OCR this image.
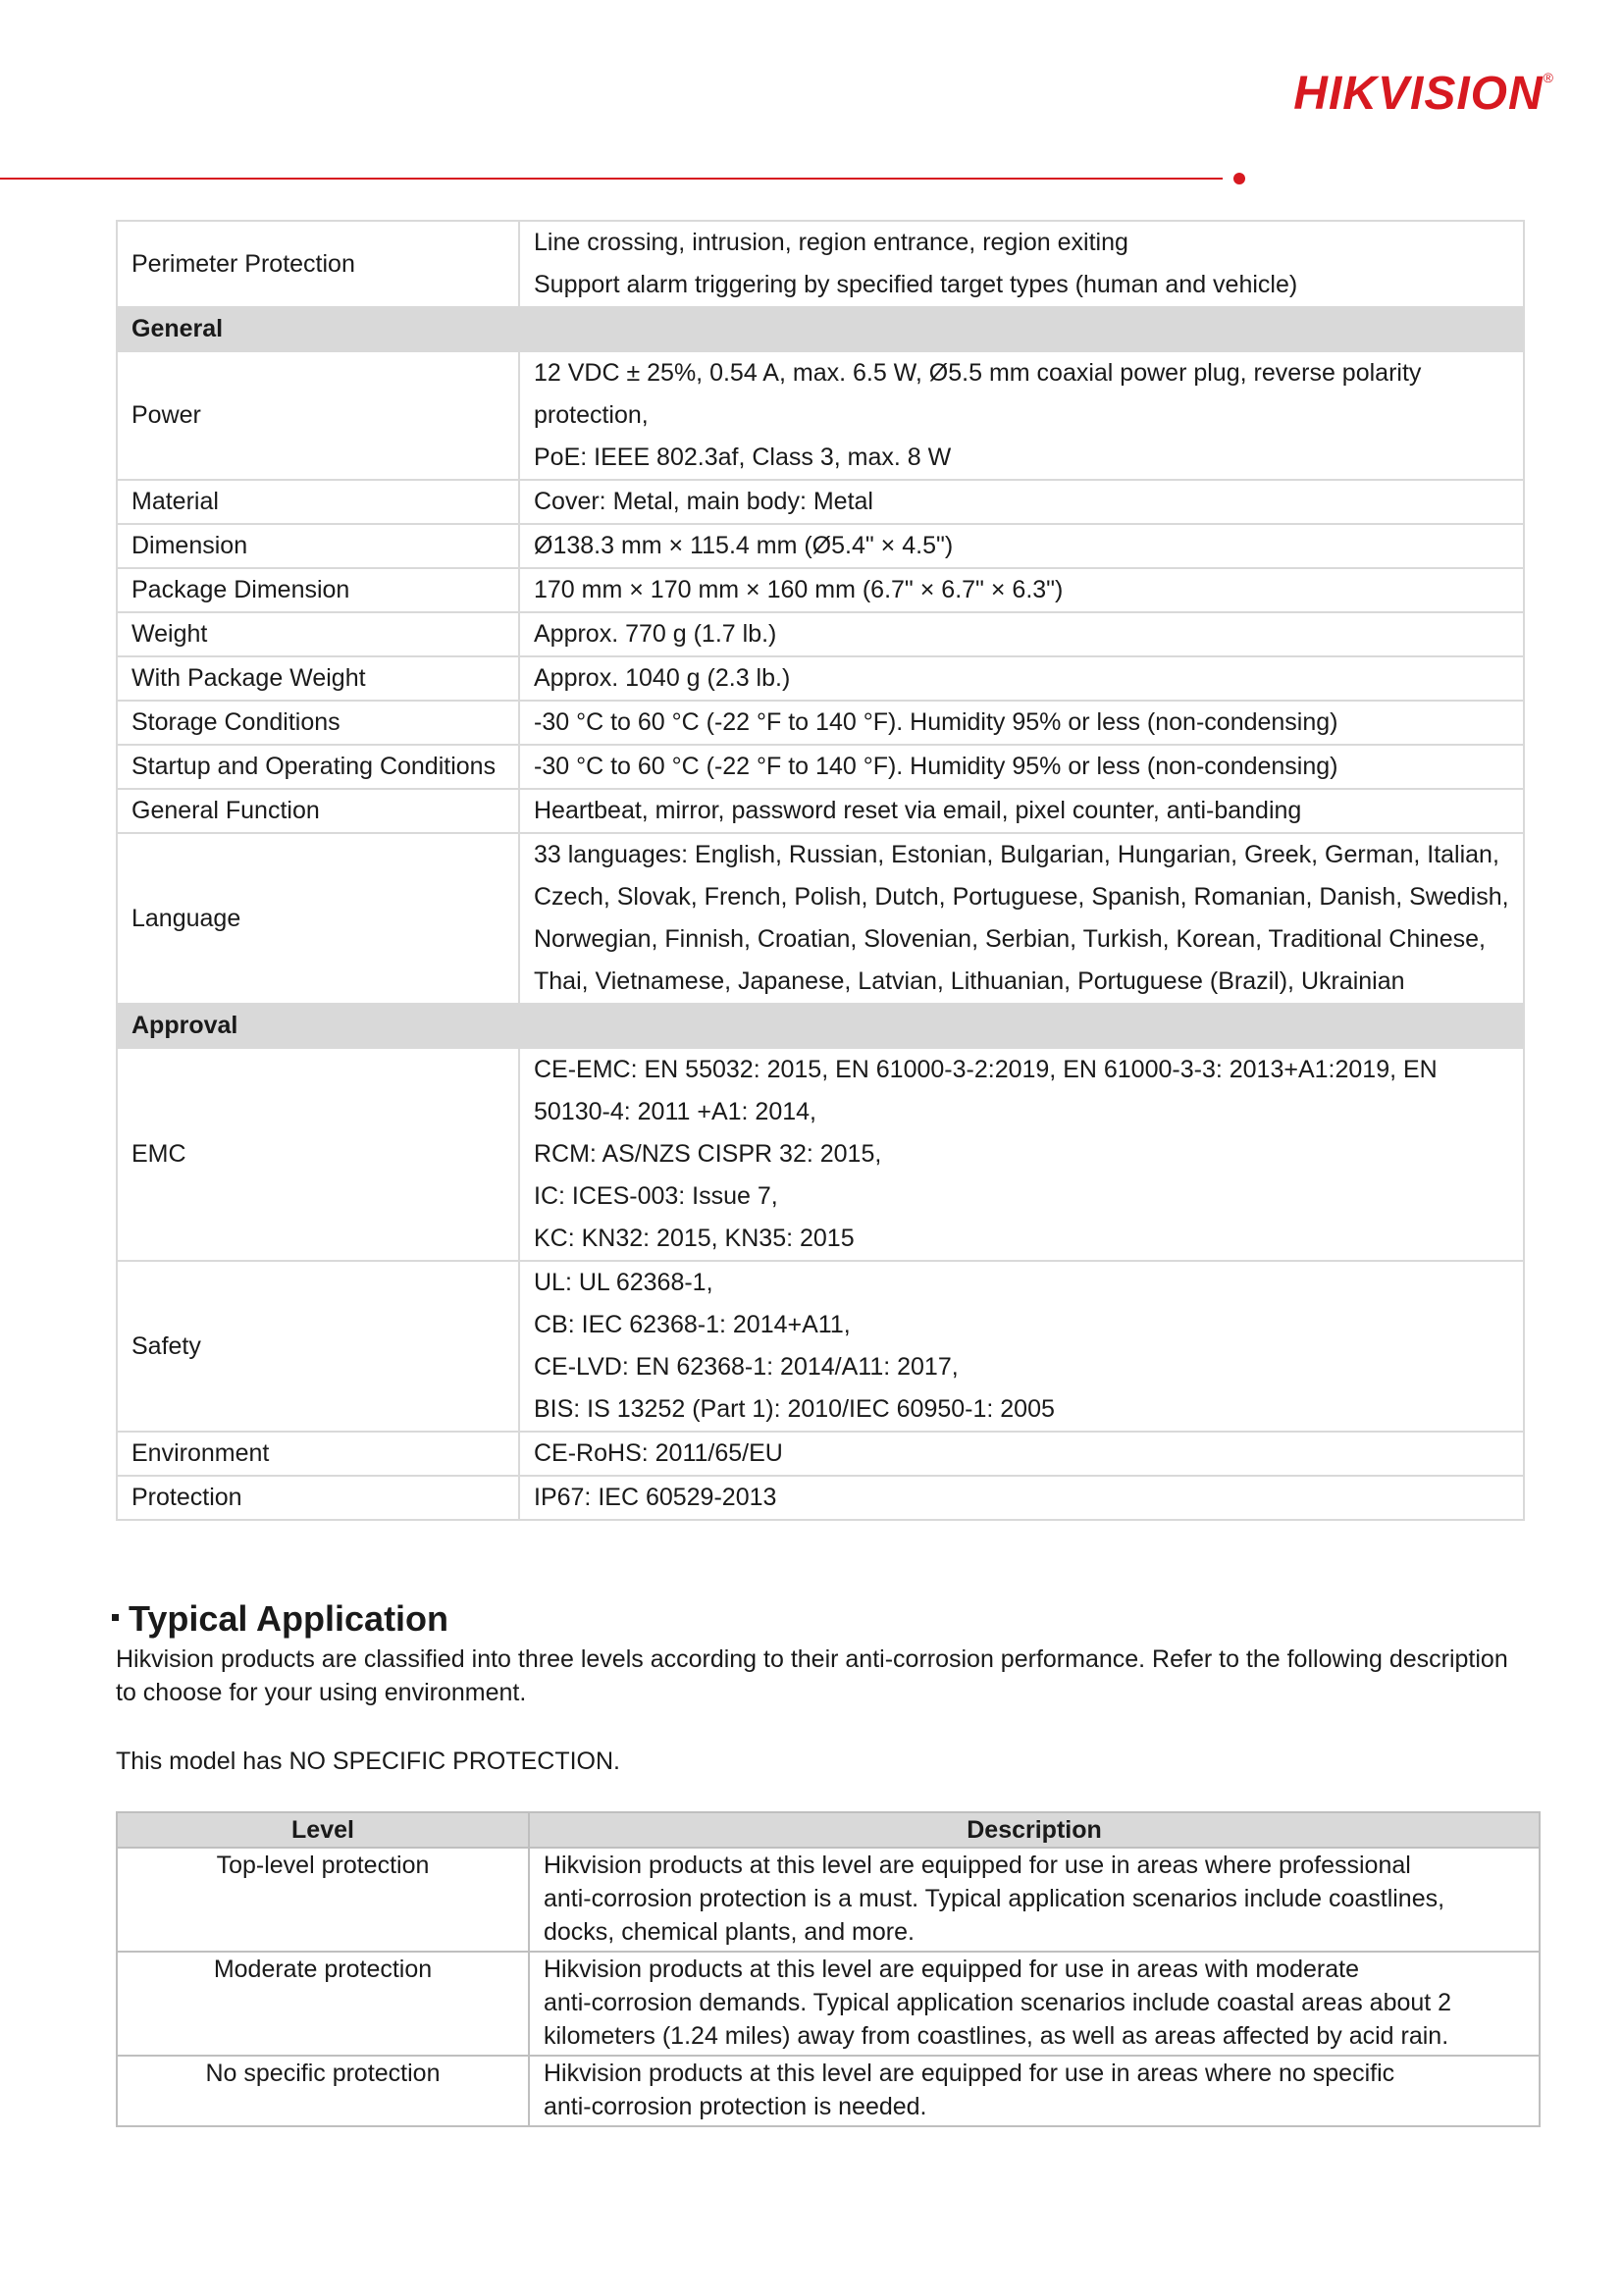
HIKVISION®
Perimeter Protection	Line crossing, intrusion, region entrance, region exiting
Support alarm triggering by specified target types (human and vehicle)

General	
Power	12 VDC ± 25%, 0.54 A, max. 6.5 W, Ø5.5 mm coaxial power plug, reverse polarity
protection,
PoE: IEEE 802.3af, Class 3, max. 8 W

Material	Cover: Metal, main body: Metal

Dimension	Ø138.3 mm × 115.4 mm (Ø5.4" × 4.5")

Package Dimension	170 mm × 170 mm × 160 mm (6.7" × 6.7" × 6.3")

Weight	Approx. 770 g (1.7 lb.)

With Package Weight	Approx. 1040 g (2.3 lb.)

Storage Conditions	-30 °C to 60 °C (-22 °F to 140 °F). Humidity 95% or less (non-condensing)

Startup and Operating Conditions	-30 °C to 60 °C (-22 °F to 140 °F). Humidity 95% or less (non-condensing)

General Function	Heartbeat, mirror, password reset via email, pixel counter, anti-banding

Language	33 languages: English, Russian, Estonian, Bulgarian, Hungarian, Greek, German, Italian,
Czech, Slovak, French, Polish, Dutch, Portuguese, Spanish, Romanian, Danish, Swedish,
Norwegian, Finnish, Croatian, Slovenian, Serbian, Turkish, Korean, Traditional Chinese,
Thai, Vietnamese, Japanese, Latvian, Lithuanian, Portuguese (Brazil), Ukrainian

Approval	
EMC	CE-EMC: EN 55032: 2015, EN 61000-3-2:2019, EN 61000-3-3: 2013+A1:2019, EN
50130-4: 2011 +A1: 2014,
RCM: AS/NZS CISPR 32: 2015,
IC: ICES-003: Issue 7,
KC: KN32: 2015, KN35: 2015

Safety	UL: UL 62368-1,
CB: IEC 62368-1: 2014+A11,
CE-LVD: EN 62368-1: 2014/A11: 2017,
BIS: IS 13252 (Part 1): 2010/IEC 60950-1: 2005

Environment	CE-RoHS: 2011/65/EU

Protection	IP67: IEC 60529-2013
Typical Application
Hikvision products are classified into three levels according to their anti-corrosion performance. Refer to the following description to choose for your using environment.
This model has NO SPECIFIC PROTECTION.
Level	Description
Top-level protection	Hikvision products at this level are equipped for use in areas where professional
anti-corrosion protection is a must. Typical application scenarios include coastlines,
docks, chemical plants, and more.

Moderate protection	Hikvision products at this level are equipped for use in areas with moderate
anti-corrosion demands. Typical application scenarios include coastal areas about 2
kilometers (1.24 miles) away from coastlines, as well as areas affected by acid rain.

No specific protection	Hikvision products at this level are equipped for use in areas where no specific
anti-corrosion protection is needed.
